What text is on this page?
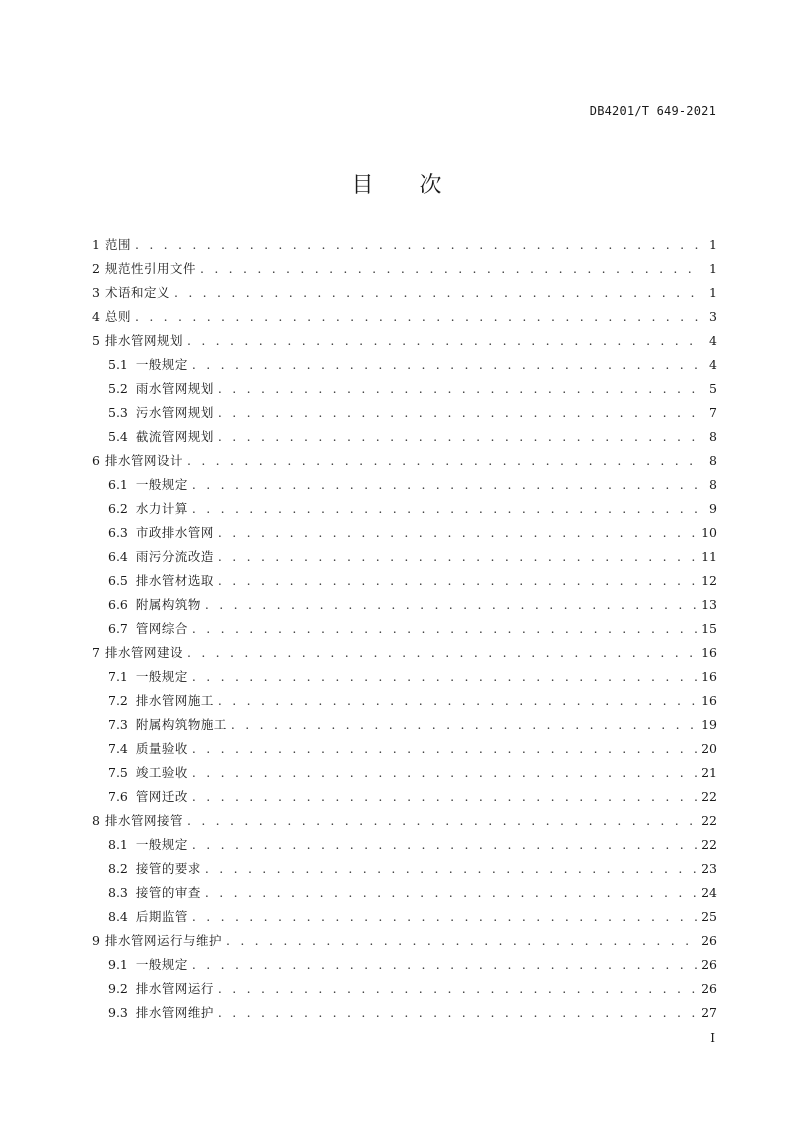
DB4201/T 649-2021
目 次
1 范围 . . .	1
2 规范性引用文件 . . .	1
3 术语和定义 . . .	1
4 总则 . . .	3
5 排水管网规划 . . .	4
5.1 一般规定 . . .	4
5.2 雨水管网规划 . . .	5
5.3 污水管网规划 . . .	7
5.4 截流管网规划 . . .	8
6 排水管网设计 . . .	8
6.1 一般规定 . . .	8
6.2 水力计算 . . .	9
6.3 市政排水管网 . . .	10
6.4 雨污分流改造 . . .	11
6.5 排水管材选取 . . .	12
6.6 附属构筑物 . . .	13
6.7 管网综合 . . .	15
7 排水管网建设 . . .	16
7.1 一般规定 . . .	16
7.2 排水管网施工 . . .	16
7.3 附属构筑物施工 . . .	19
7.4 质量验收 . . .	20
7.5 竣工验收 . . .	21
7.6 管网迁改 . . .	22
8 排水管网接管 . . .	22
8.1 一般规定 . . .	22
8.2 接管的要求 . . .	23
8.3 接管的审查 . . .	24
8.4 后期监管 . . .	25
9 排水管网运行与维护 . . .	26
9.1 一般规定 . . .	26
9.2 排水管网运行 . . .	26
9.3 排水管网维护 . . .	27
I
